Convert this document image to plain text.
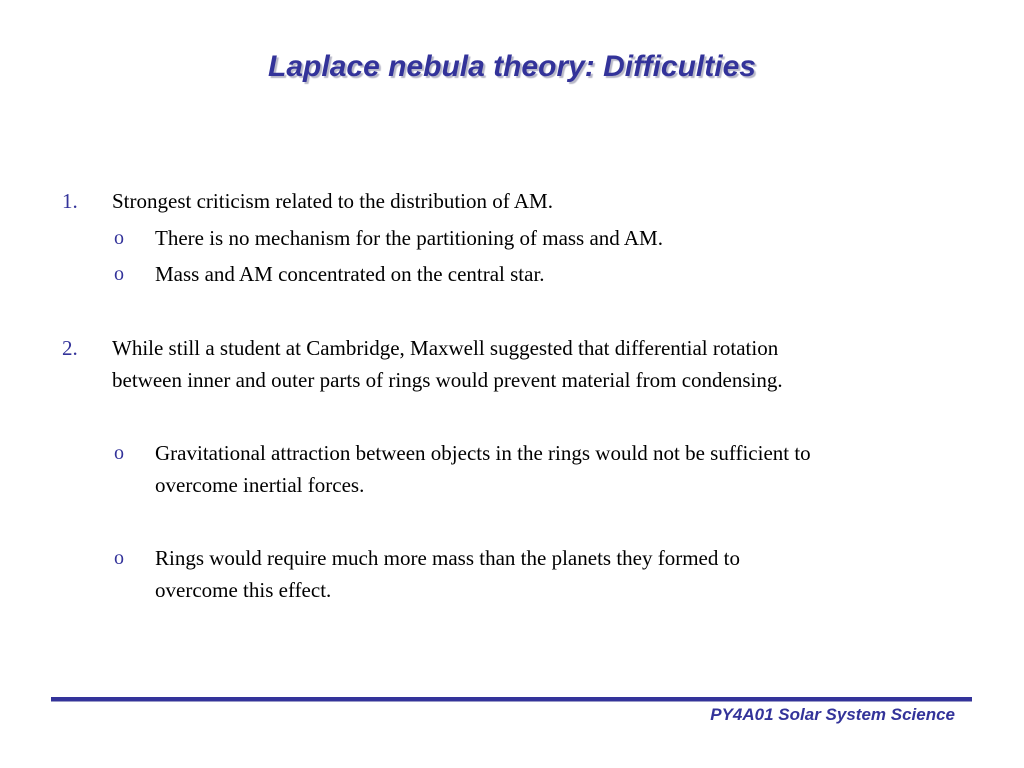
Laplace nebula theory: Difficulties
1. Strongest criticism related to the distribution of AM.
o There is no mechanism for the partitioning of mass and AM.
o Mass and AM concentrated on the central star.
2. While still a student at Cambridge, Maxwell suggested that differential rotation
between inner and outer parts of rings would prevent material from condensing.
o Gravitational attraction between objects in the rings would not be sufficient to
overcome inertial forces.
o Rings would require much more mass than the planets they formed to
overcome this effect.
PY4A01 Solar System Science
